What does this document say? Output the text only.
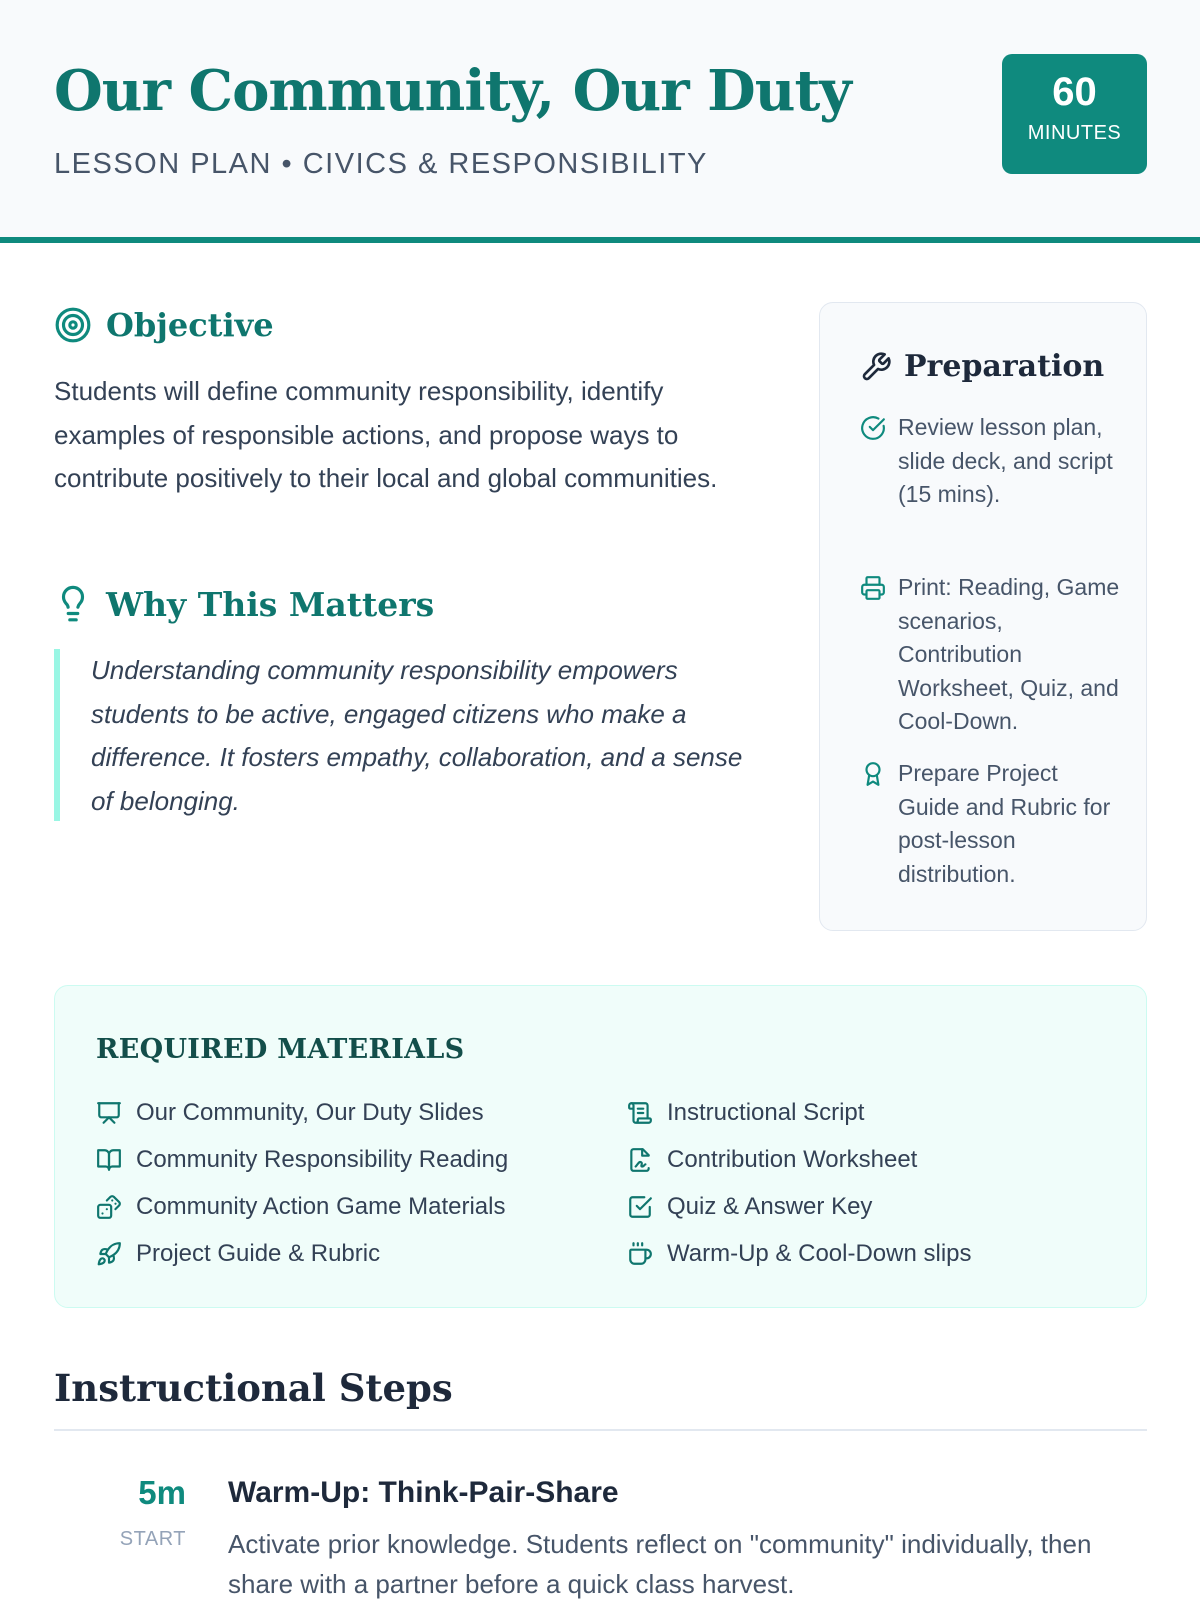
Our Community, Our Duty
LESSON PLAN • CIVICS & RESPONSIBILITY
60
MINUTES
Objective
Students will define community responsibility, identify examples of responsible actions, and propose ways to contribute positively to their local and global communities.
Why This Matters
Understanding community responsibility empowers students to be active, engaged citizens who make a difference. It fosters empathy, collaboration, and a sense of belonging.
Preparation
Review lesson plan, slide deck, and script (15 mins).
Print: Reading, Game scenarios, Contribution Worksheet, Quiz, and Cool-Down.
Prepare Project Guide and Rubric for post-lesson distribution.
REQUIRED MATERIALS
Our Community, Our Duty Slides	Instructional Script
Community Responsibility Reading	Contribution Worksheet
Community Action Game Materials	Quiz & Answer Key
Project Guide & Rubric	Warm-Up & Cool-Down slips
Instructional Steps
5m
START
Warm-Up: Think-Pair-Share
Activate prior knowledge. Students reflect on "community" individually, then share with a partner before a quick class harvest.
